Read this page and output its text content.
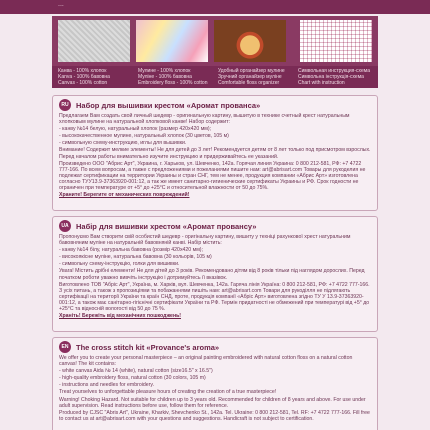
...
Канва - 100% хлопок
Kanva - 100% бавовна
Canvas - 100% cotton
Мулине - 100% хлопок
Муліне - 100% бавовна
Embroidery floss - 100% cotton
Удобный органайзер мулине
Зручний органайзер муліне
Comfortable floss organizer
Символьная инструкция-схема
Символьна інструкція-схема
Chart with instruction
RU Набор для вышивки крестом «Аромат прованса»
Предлагаем Вам создать свой личный шедевр - оригинальную картину, вышитую в технике счетный крест натуральным хлопковым мулине на натуральной хлопковой канве! Набор содержит:
- канву №14 белую, натуральный хлопок (размер 420х420 мм);
- высококачественное мулине, натуральный хлопок (30 цветов, 105 м)
- символьную схему-инструкцию, иглы для вышивки.
Внимание! Содержит мелкие элементы! Не для детей до 3 лет! Рекомендуется детям от 8 лет только под присмотром взрослых. Перед началом работы внимательно изучите инструкцию и придерживайтесь ее указаний.
Произведено ООО "Абрис Арт", Украина, г. Харьков, ул. Шевченко, 142а. Горячая линия Украина: 0 800 212-581, РФ: +7 4722 777-166. По всем вопросам, а также с предложениями и пожеланиями пишите нам: art@abrisart.com Товары для рукоделия не подлежат сертификации на территории Украины и стран СНГ, тем не менее, продукция компании «Абрис Арт» изготовлена согласно ТУУ13.9-37363920-001:12, а так же имеет санитарно-гигиенические сертификаты Украины и РФ. Срок годности не ограничен при температуре от +5° до +25°C и относительной влажности от 50 до 75%.
Храните! Берегите от механических повреждений!
UA Набір для вишивки хрестом «Аромат провансу»
Пропонуємо Вам створити свій особистий шедевр - оригінальну картину, вишиту у техніці рахункової хрест натуральним бавовняним муліне на натуральній бавовняній канві. Набір містить:
- канву №14 білу, натуральна бавовна (розмір 420х420 мм);
- високоякісне муліне, натуральна бавовна (30 кольорів, 105 м)
- символьну схему-інструкцію, голки для вишивки.
Увага! Містить дрібні елементи! Не для дітей до 3 років. Рекомендовано дітям від 8 років тільки під наглядом дорослих. Перед початком роботи уважно вивчіть інструкцію і дотримуйтесь її вказівок.
Виготовлено ТОВ "Абріс Арт", Україна, м. Харків, вул. Шевченка, 142а. Гаряча лінія Україна: 0 800 212-581, РФ: +7 4722 777-166. З усіх питань, а також з пропозиціями та побажаннями пишіть нам: art@abrisart.com Товари для рукоділля не підлягають сертифікації на території України та країн СНД, проте, продукція компанії «Абріс Арт» виготовлена згідно ТУ У 13.9-37363920-001:12, а також має санітарно-гігієнічні сертифікати України та РФ. Термін придатності не обмежений при температурі від +5° до +25°C та відносній вологості від 50 до 75 %.
Храніть! Бережіть від механічних пошкоджень!
EN	The cross stitch kit «Provance's aroma»
We offer you to create your personal masterpiece – an original painting embroidered with natural cotton floss on a natural cotton canvas! The kit contains:
- white canvas Aida № 14 (white), natural cotton (size16.5" x 16.5")
- high-quality embroidery floss, natural cotton (30 colors, 105 m)
- instructions and needles for embroidery.
Treat yourselves to unforgettable pleasure hours of creating the creation of a true masterpiece!
Warning! Choking Hazard. Not suitable for children up to 3 years old. Recommended for children of 8 years and above. For use under adult supervision. Read instructions before use, follow them for reference.
Produced by CJSC "Abris Art", Ukraine, Kharkiv, Shevchenko St., 142a. Tel. Ukraine: 0 800 212-581, Tel. RF: +7 4722 777-166. Fill free to contact us at art@abrisart.com with your questions and suggestions. Handicraft is not subject to certification.
